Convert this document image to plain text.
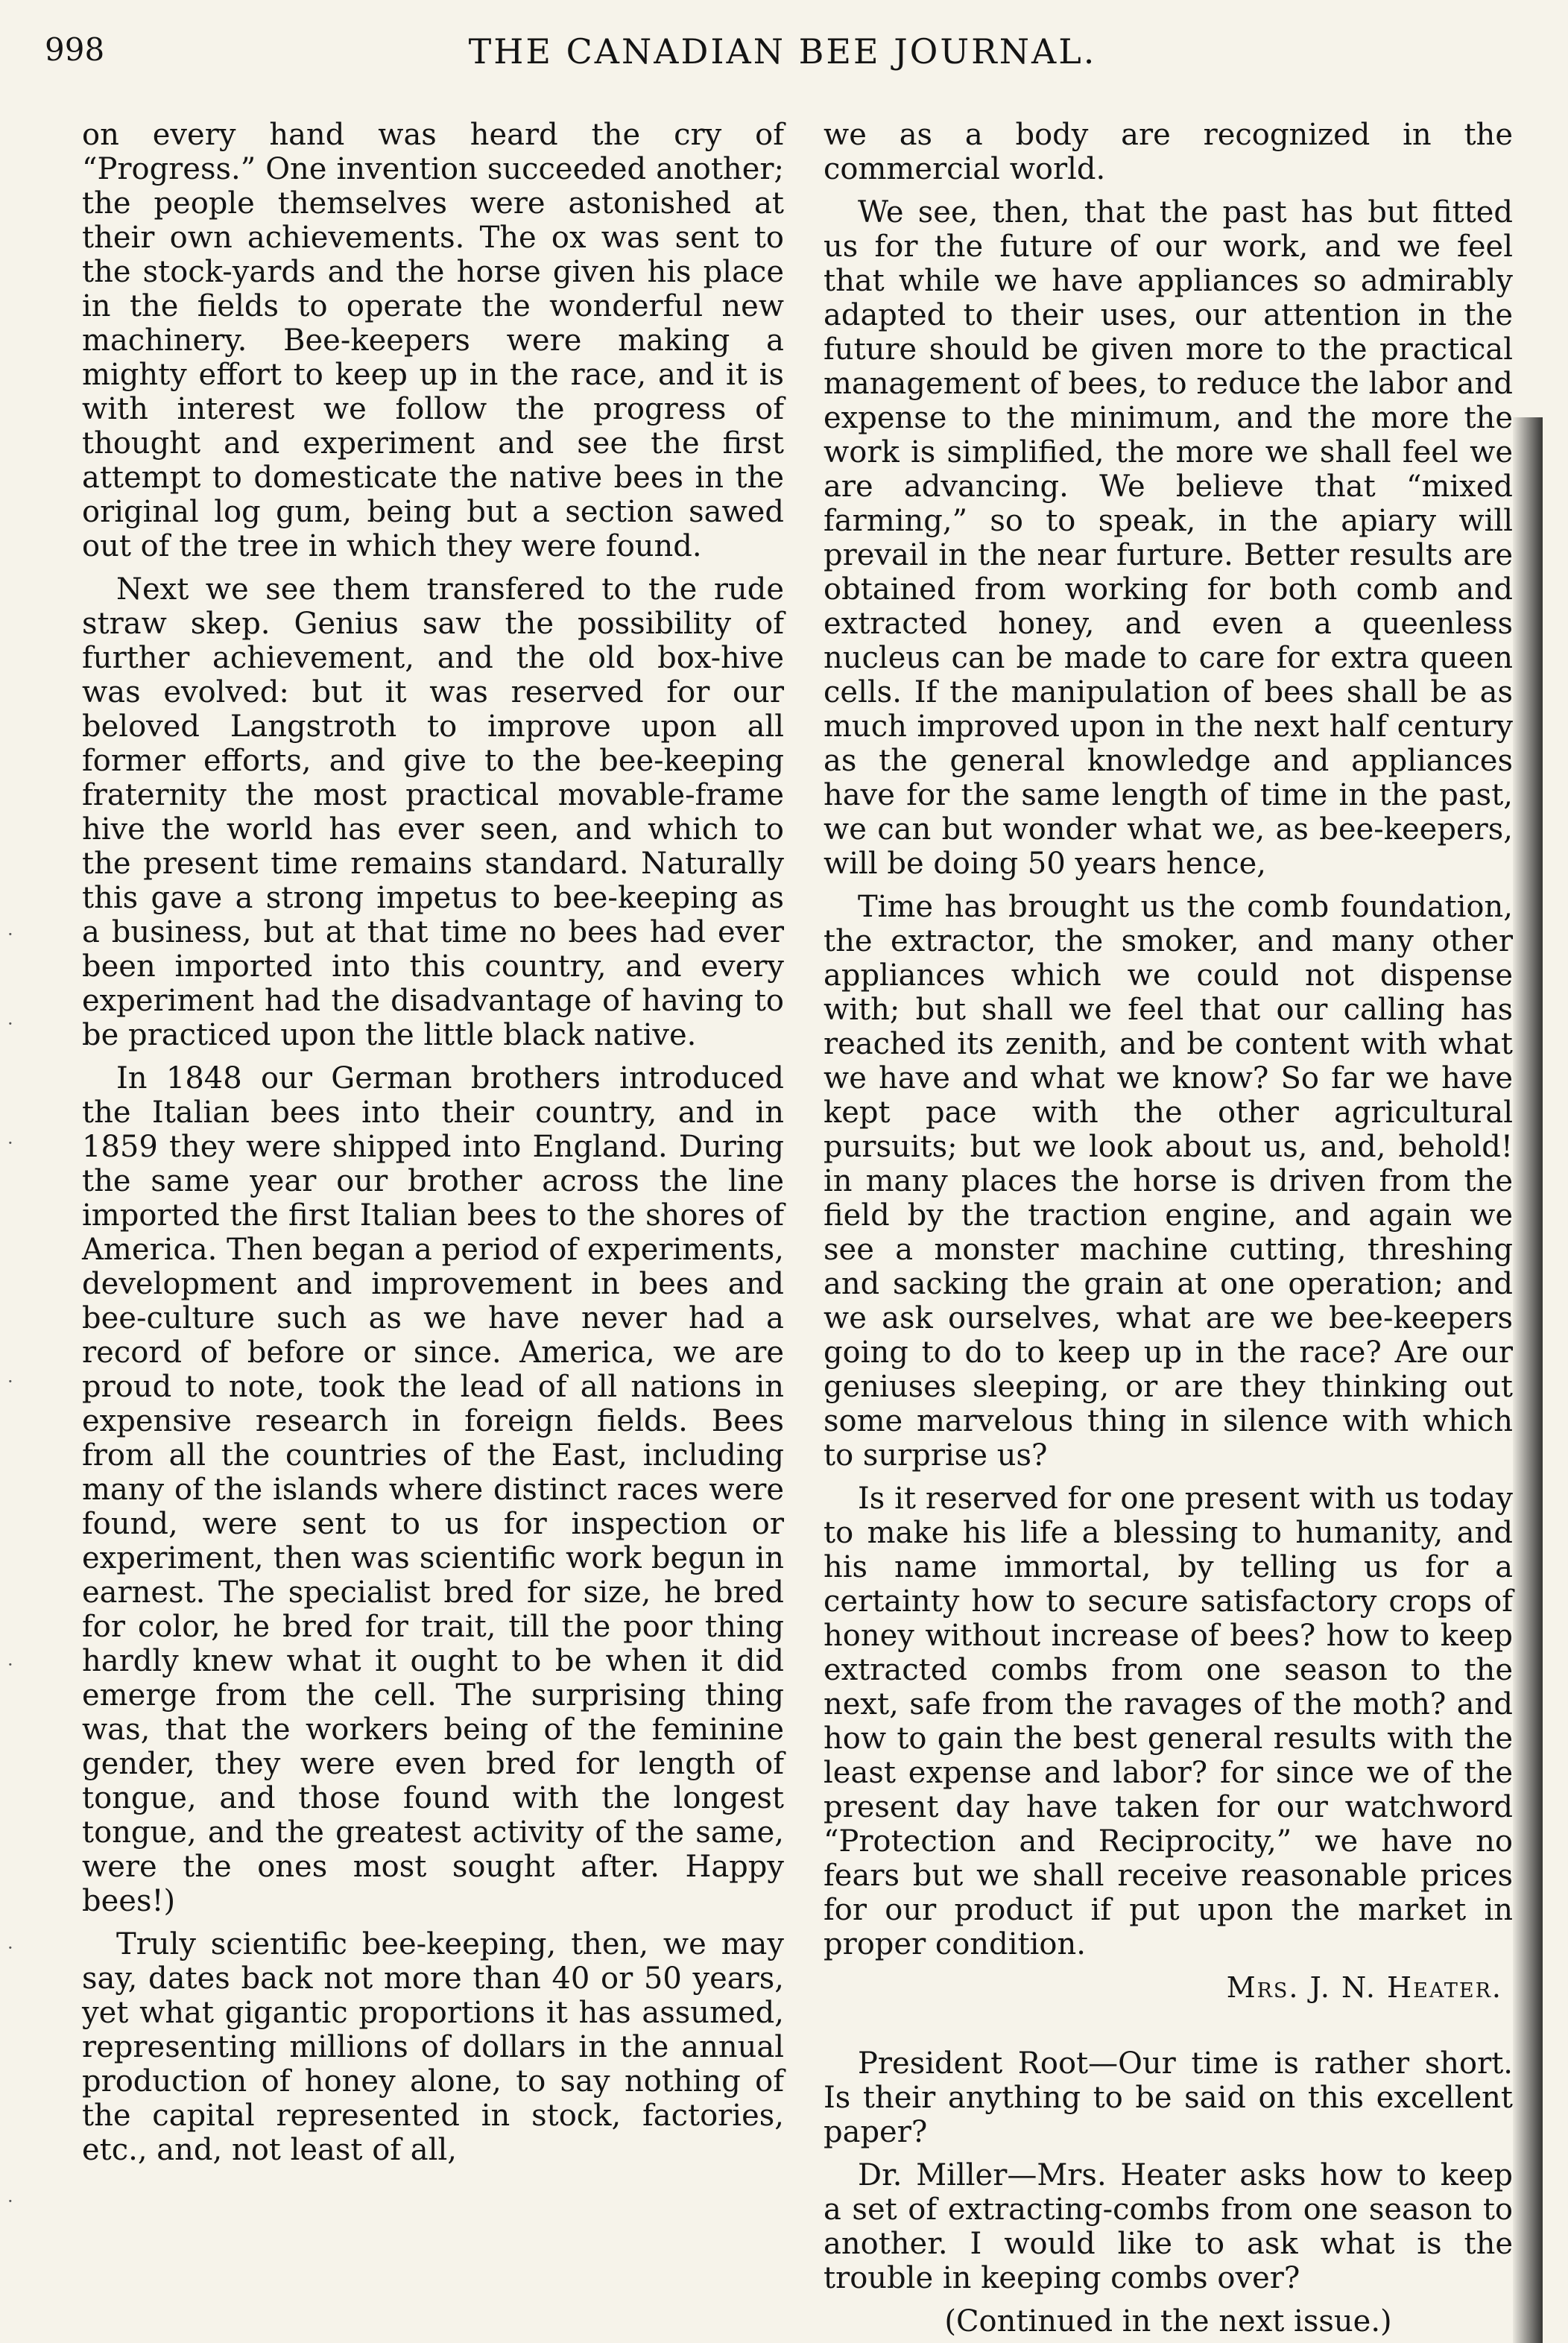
998	THE CANADIAN BEE JOURNAL.

on every hand was heard the cry of “Progress.” One invention succeeded another; the people themselves were astonished at their own achievements. The ox was sent to the stock-yards and the horse given his place in the fields to operate the wonderful new machinery. Bee-keepers were making a mighty effort to keep up in the race, and it is with interest we follow the progress of thought and experiment and see the first attempt to domesticate the native bees in the original log gum, being but a section sawed out of the tree in which they were found.

Next we see them transfered to the rude straw skep. Genius saw the possibility of further achievement, and the old box-hive was evolved: but it was reserved for our beloved Langstroth to improve upon all former efforts, and give to the bee-keeping fraternity the most practical movable-frame hive the world has ever seen, and which to the present time remains standard. Naturally this gave a strong impetus to bee-keeping as a business, but at that time no bees had ever been imported into this country, and every experiment had the disadvantage of having to be practiced upon the little black native.

In 1848 our German brothers introduced the Italian bees into their country, and in 1859 they were shipped into England. During the same year our brother across the line imported the first Italian bees to the shores of America. Then began a period of experiments, development and improvement in bees and bee-culture such as we have never had a record of before or since. America, we are proud to note, took the lead of all nations in expensive research in foreign fields. Bees from all the countries of the East, including many of the islands where distinct races were found, were sent to us for inspection or experiment, then was scientific work begun in earnest. The specialist bred for size, he bred for color, he bred for trait, till the poor thing hardly knew what it ought to be when it did emerge from the cell. The surprising thing was, that the workers being of the feminine gender, they were even bred for length of tongue, and those found with the longest tongue, and the greatest activity of the same, were the ones most sought after. Happy bees!)

Truly scientific bee-keeping, then, we may say, dates back not more than 40 or 50 years, yet what gigantic proportions it has assumed, representing millions of dollars in the annual production of honey alone, to say nothing of the capital represented in stock, factories, etc., and, not least of all,

we as a body are recognized in the commercial world.

We see, then, that the past has but fitted us for the future of our work, and we feel that while we have appliances so admirably adapted to their uses, our attention in the future should be given more to the practical management of bees, to reduce the labor and expense to the minimum, and the more the work is simplified, the more we shall feel we are advancing. We believe that “mixed farming,” so to speak, in the apiary will prevail in the near furture. Better results are obtained from working for both comb and extracted honey, and even a queenless nucleus can be made to care for extra queen cells. If the manipulation of bees shall be as much improved upon in the next half century as the general knowledge and appliances have for the same length of time in the past, we can but wonder what we, as bee-keepers, will be doing 50 years hence,

Time has brought us the comb foundation, the extractor, the smoker, and many other appliances which we could not dispense with; but shall we feel that our calling has reached its zenith, and be content with what we have and what we know? So far we have kept pace with the other agricultural pursuits; but we look about us, and, behold! in many places the horse is driven from the field by the traction engine, and again we see a monster machine cutting, threshing and sacking the grain at one operation; and we ask ourselves, what are we bee-keepers going to do to keep up in the race? Are our geniuses sleeping, or are they thinking out some marvelous thing in silence with which to surprise us?

Is it reserved for one present with us today to make his life a blessing to humanity, and his name immortal, by telling us for a certainty how to secure satisfactory crops of honey without increase of bees? how to keep extracted combs from one season to the next, safe from the ravages of the moth? and how to gain the best general results with the least expense and labor? for since we of the present day have taken for our watchword “Protection and Reciprocity,” we have no fears but we shall receive reasonable prices for our product if put upon the market in proper condition.

Mrs. J. N. Heater.

President Root—Our time is rather short. Is their anything to be said on this excellent paper?

Dr. Miller—Mrs. Heater asks how to keep a set of extracting-combs from one season to another. I would like to ask what is the trouble in keeping combs over?

(Continued in the next issue.)
·
·
·
·
·
·
·
